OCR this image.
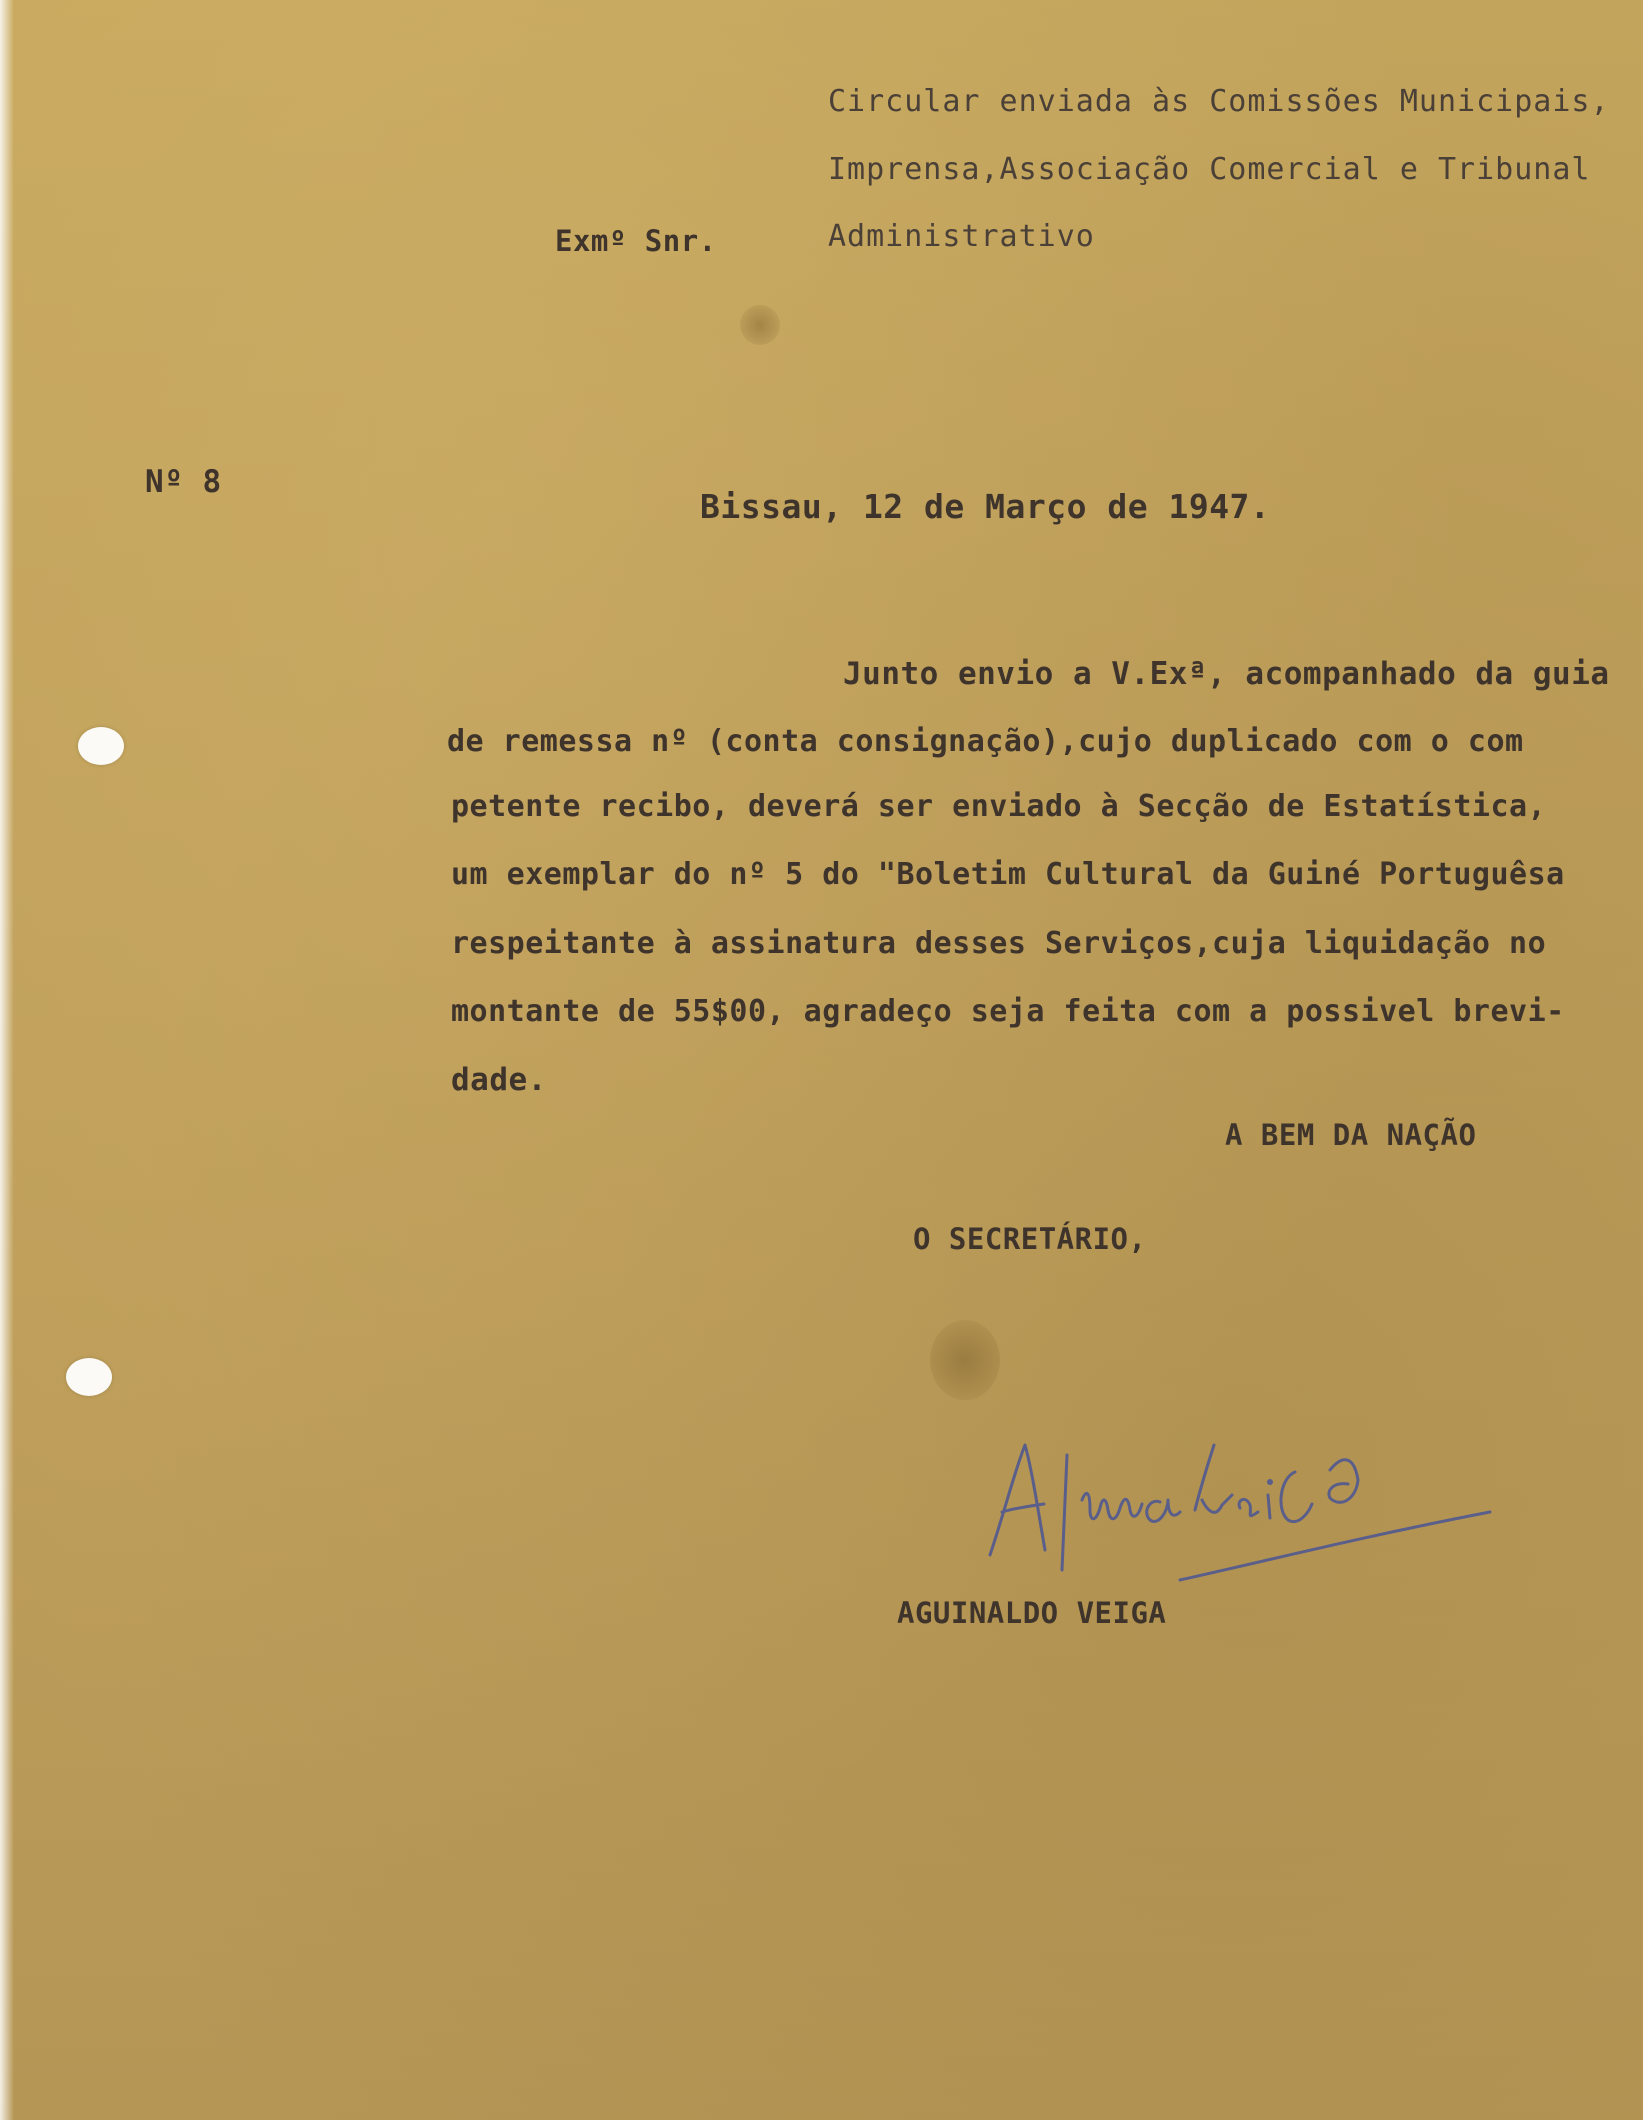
Circular enviada às Comissões Municipais,
Imprensa,Associação Comercial e Tribunal
Administrativo
Exmº Snr.
Nº 8
Bissau, 12 de Março de 1947.
Junto envio a V.Exª, acompanhado da guia
de remessa nº (conta consignação),cujo duplicado com o com
petente recibo, deverá ser enviado à Secção de Estatística,
um exemplar do nº 5 do "Boletim Cultural da Guiné Portuguêsa
respeitante à assinatura desses Serviços,cuja liquidação no
montante de 55$00, agradeço seja feita com a possivel brevi-
dade.
A BEM DA NAÇÃO
O SECRETÁRIO,
AguinaldVeiga
AGUINALDO VEIGA
